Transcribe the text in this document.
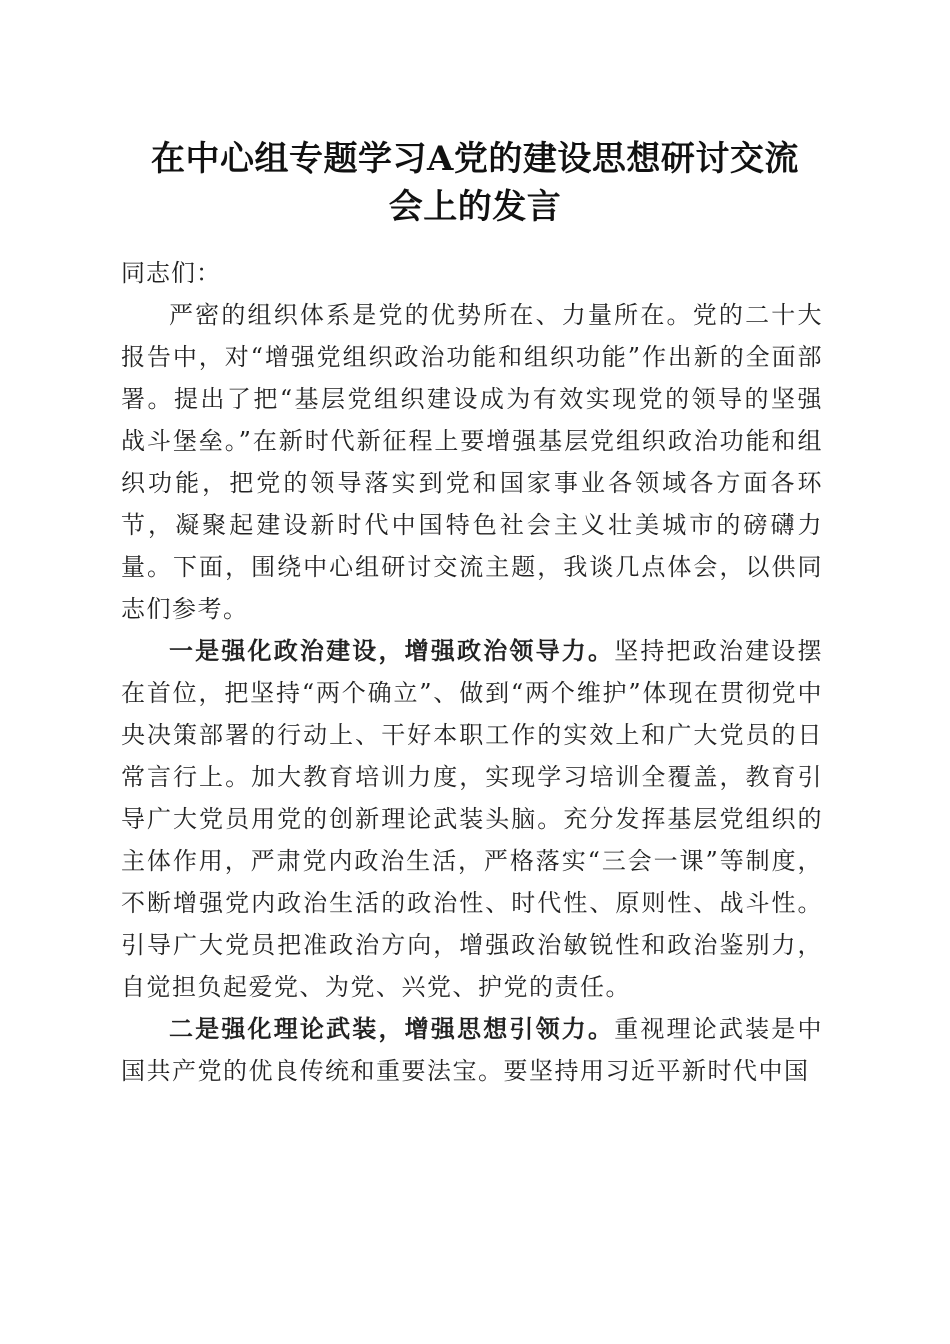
在中心组专题学习A党的建设思想研讨交流
会上的发言

同志们：

严密的组织体系是党的优势所在、力量所在。党的二十大报告中，对“增强党组织政治功能和组织功能”作出新的全面部署。提出了把“基层党组织建设成为有效实现党的领导的坚强战斗堡垒。”在新时代新征程上要增强基层党组织政治功能和组织功能，把党的领导落实到党和国家事业各领域各方面各环节，凝聚起建设新时代中国特色社会主义壮美城市的磅礴力量。下面，围绕中心组研讨交流主题，我谈几点体会，以供同志们参考。

一是强化政治建设，增强政治领导力。坚持把政治建设摆在首位，把坚持“两个确立”、做到“两个维护”体现在贯彻党中央决策部署的行动上、干好本职工作的实效上和广大党员的日常言行上。加大教育培训力度，实现学习培训全覆盖，教育引导广大党员用党的创新理论武装头脑。充分发挥基层党组织的主体作用，严肃党内政治生活，严格落实“三会一课”等制度，不断增强党内政治生活的政治性、时代性、原则性、战斗性。引导广大党员把准政治方向，增强政治敏锐性和政治鉴别力，自觉担负起爱党、为党、兴党、护党的责任。

二是强化理论武装，增强思想引领力。重视理论武装是中国共产党的优良传统和重要法宝。要坚持用习近平新时代中国
